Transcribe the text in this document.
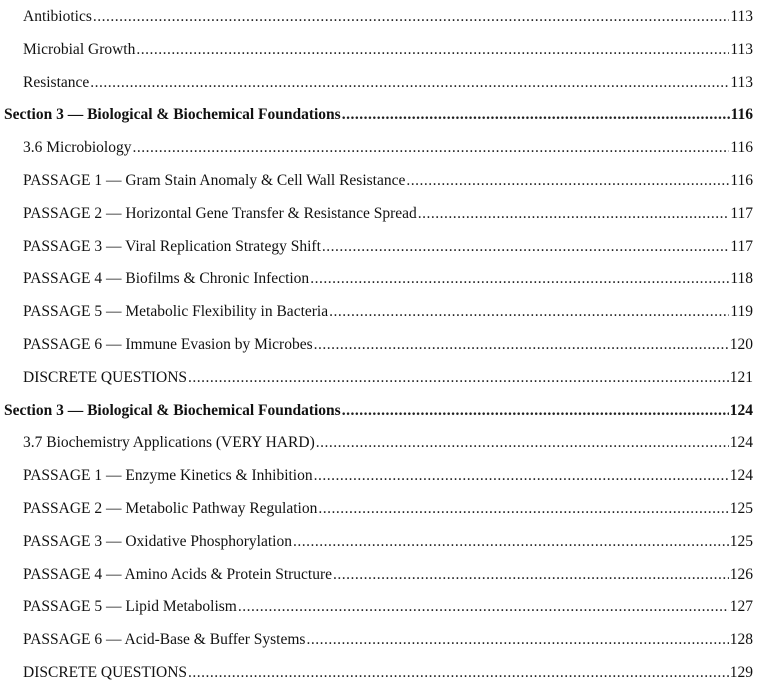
Antibiotics .....	113
Microbial Growth .....	113
Resistance .....	113
Section 3 — Biological & Biochemical Foundations .....	116
3.6 Microbiology .....	116
PASSAGE 1 — Gram Stain Anomaly & Cell Wall Resistance .....	116
PASSAGE 2 — Horizontal Gene Transfer & Resistance Spread .....	117
PASSAGE 3 — Viral Replication Strategy Shift .....	117
PASSAGE 4 — Biofilms & Chronic Infection .....	118
PASSAGE 5 — Metabolic Flexibility in Bacteria .....	119
PASSAGE 6 — Immune Evasion by Microbes .....	120
DISCRETE QUESTIONS .....	121
Section 3 — Biological & Biochemical Foundations .....	124
3.7 Biochemistry Applications (VERY HARD) .....	124
PASSAGE 1 — Enzyme Kinetics & Inhibition .....	124
PASSAGE 2 — Metabolic Pathway Regulation .....	125
PASSAGE 3 — Oxidative Phosphorylation .....	125
PASSAGE 4 — Amino Acids & Protein Structure .....	126
PASSAGE 5 — Lipid Metabolism .....	127
PASSAGE 6 — Acid-Base & Buffer Systems .....	128
DISCRETE QUESTIONS .....	129
